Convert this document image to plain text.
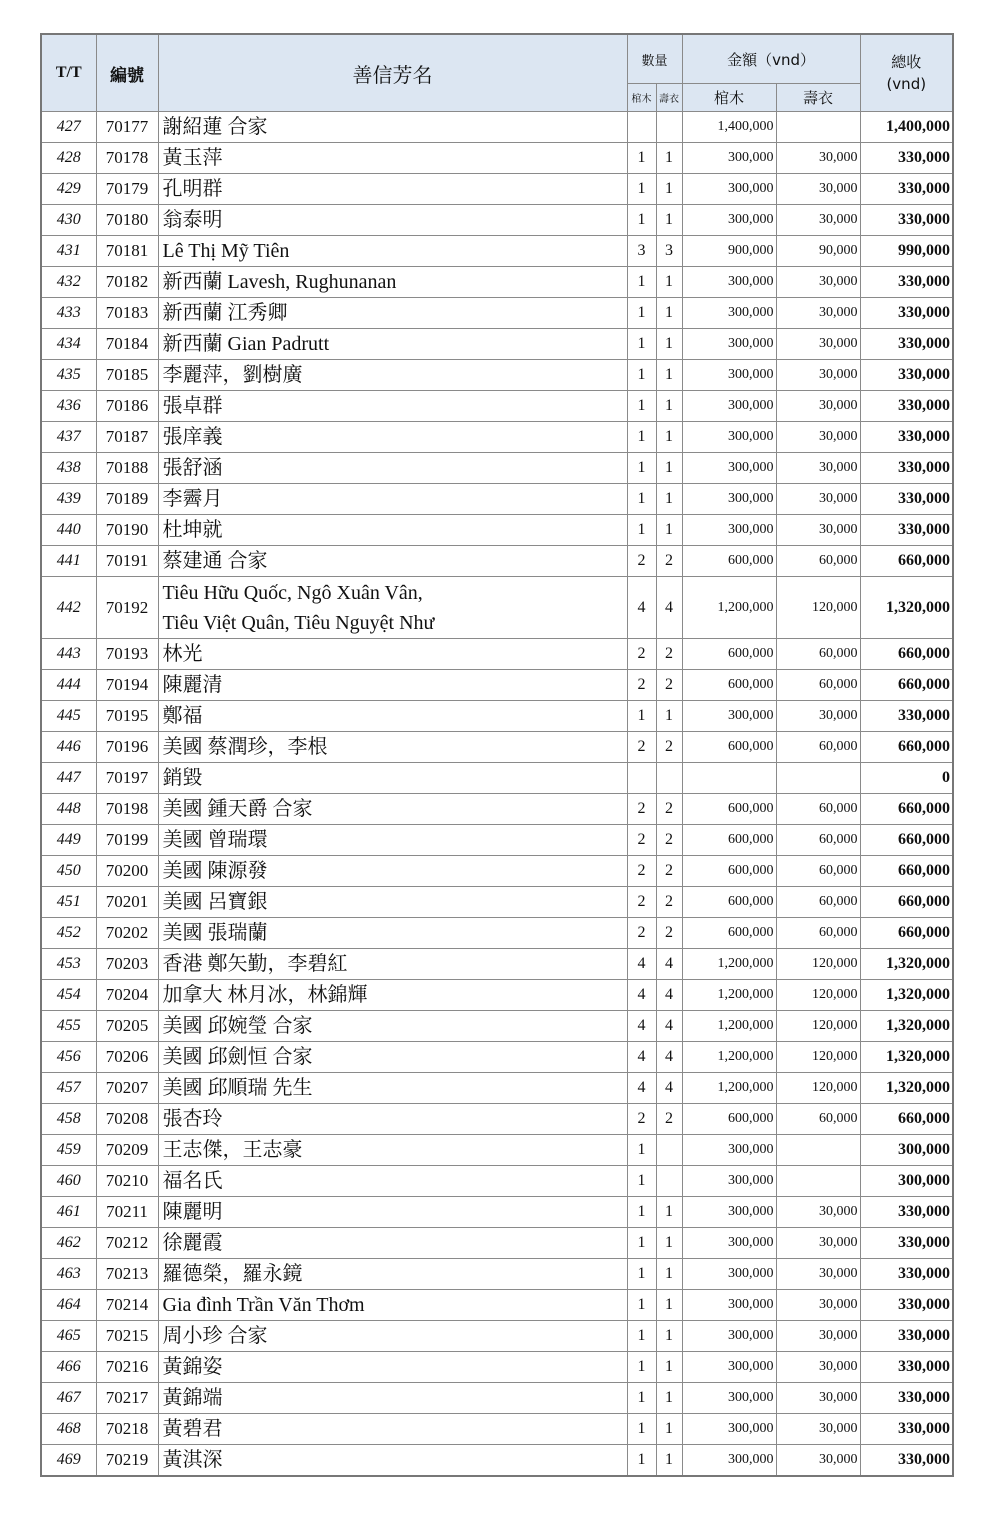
T/T	編號	善信芳名	數量		金額（vnd）		總收
(vnd)

			棺木	壽衣	棺木	壽衣	
427	70177	謝紹蓮 合家			1,400,000		1,400,000
428	70178	黃玉萍	1	1	300,000	30,000	330,000
429	70179	孔明群	1	1	300,000	30,000	330,000
430	70180	翁泰明	1	1	300,000	30,000	330,000
431	70181	Lê Thị Mỹ Tiên	3	3	900,000	90,000	990,000
432	70182	新西蘭 Lavesh, Rughunanan	1	1	300,000	30,000	330,000
433	70183	新西蘭 江秀卿	1	1	300,000	30,000	330,000
434	70184	新西蘭 Gian Padrutt	1	1	300,000	30,000	330,000
435	70185	李麗萍，劉樹廣	1	1	300,000	30,000	330,000
436	70186	張卓群	1	1	300,000	30,000	330,000
437	70187	張庠義	1	1	300,000	30,000	330,000
438	70188	張舒涵	1	1	300,000	30,000	330,000
439	70189	李霽月	1	1	300,000	30,000	330,000
440	70190	杜坤就	1	1	300,000	30,000	330,000
441	70191	蔡建通 合家	2	2	600,000	60,000	660,000
442	70192	Tiêu Hữu Quốc, Ngô Xuân Vân,
Tiêu Việt Quân, Tiêu Nguyệt Như	4	4	1,200,000	120,000	1,320,000
443	70193	林光	2	2	600,000	60,000	660,000
444	70194	陳麗清	2	2	600,000	60,000	660,000
445	70195	鄭福	1	1	300,000	30,000	330,000
446	70196	美國 蔡潤珍，李根	2	2	600,000	60,000	660,000
447	70197	銷毀					0
448	70198	美國 鍾天爵 合家	2	2	600,000	60,000	660,000
449	70199	美國 曾瑞環	2	2	600,000	60,000	660,000
450	70200	美國 陳源發	2	2	600,000	60,000	660,000
451	70201	美國 呂寶銀	2	2	600,000	60,000	660,000
452	70202	美國 張瑞蘭	2	2	600,000	60,000	660,000
453	70203	香港 鄭矢勤，李碧紅	4	4	1,200,000	120,000	1,320,000
454	70204	加拿大 林月冰，林錦輝	4	4	1,200,000	120,000	1,320,000
455	70205	美國 邱婉瑩 合家	4	4	1,200,000	120,000	1,320,000
456	70206	美國 邱劍恒 合家	4	4	1,200,000	120,000	1,320,000
457	70207	美國 邱順瑞 先生	4	4	1,200,000	120,000	1,320,000
458	70208	張杏玲	2	2	600,000	60,000	660,000
459	70209	王志傑，王志豪	1		300,000		300,000
460	70210	福名氏	1		300,000		300,000
461	70211	陳麗明	1	1	300,000	30,000	330,000
462	70212	徐麗霞	1	1	300,000	30,000	330,000
463	70213	羅德榮，羅永鏡	1	1	300,000	30,000	330,000
464	70214	Gia đình Trần Văn Thơm	1	1	300,000	30,000	330,000
465	70215	周小珍 合家	1	1	300,000	30,000	330,000
466	70216	黃錦姿	1	1	300,000	30,000	330,000
467	70217	黃錦端	1	1	300,000	30,000	330,000
468	70218	黃碧君	1	1	300,000	30,000	330,000
469	70219	黃淇深	1	1	300,000	30,000	330,000
